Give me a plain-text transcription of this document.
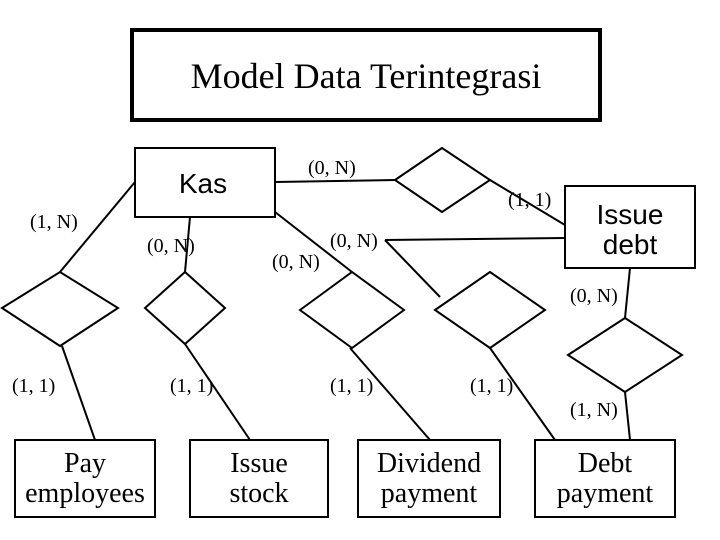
Model Data Terintegrasi
Kas
Issue
debt
Pay
employees
Issue
stock
Dividend
payment
Debt
payment
(1, N)
(0, N)
(0, N)
(0, N)
(0, N)
(1, 1)
(0, N)
(1, 1)	(1, 1)	(1, 1)	(1, 1)
(1, N)
